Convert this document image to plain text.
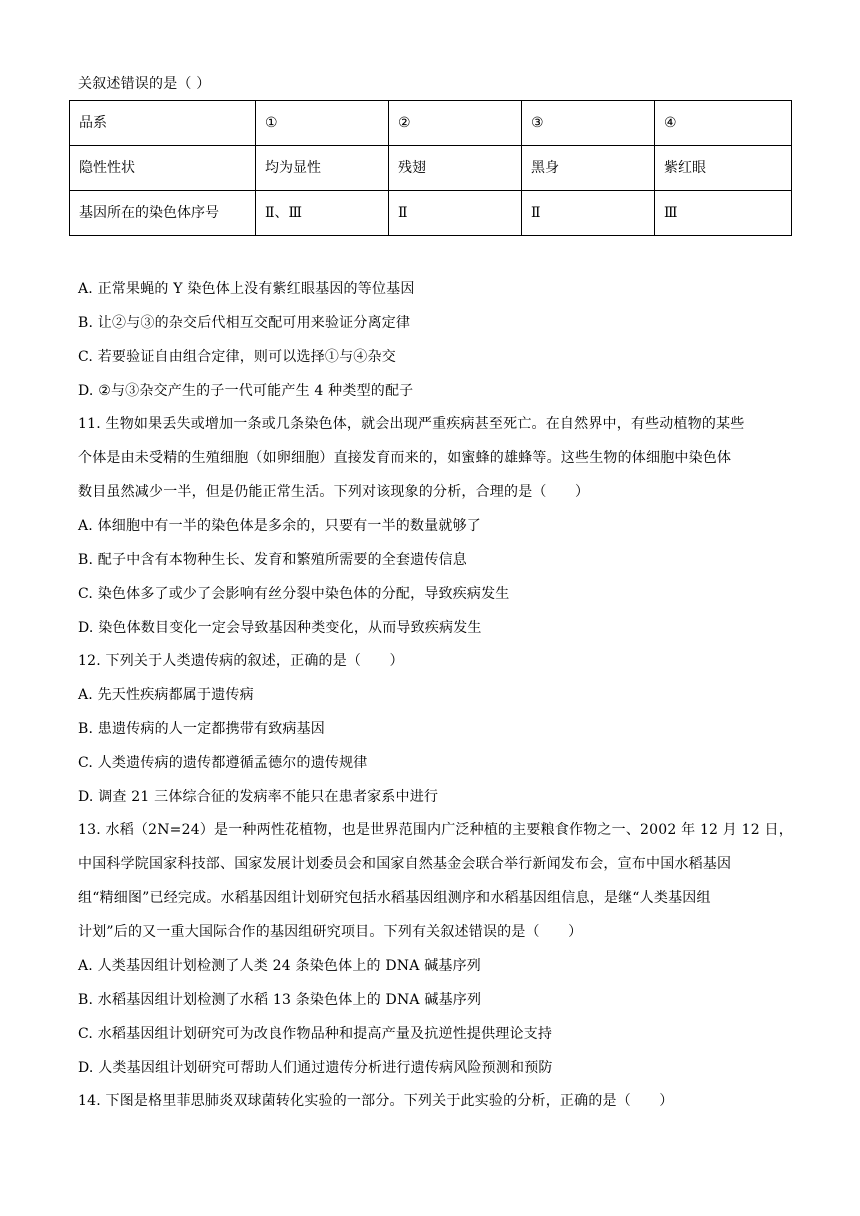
关叙述错误的是（ ）
品系	①	②	③	④
隐性性状	均为显性	残翅	黑身	紫红眼
基因所在的染色体序号	Ⅱ、Ⅲ	Ⅱ	Ⅱ	Ⅲ
A. 正常果蝇的 Y 染色体上没有紫红眼基因的等位基因
B. 让②与③的杂交后代相互交配可用来验证分离定律
C. 若要验证自由组合定律，则可以选择①与④杂交
D. ②与③杂交产生的子一代可能产生 4 种类型的配子
11. 生物如果丢失或增加一条或几条染色体，就会出现严重疾病甚至死亡。在自然界中，有些动植物的某些
个体是由未受精的生殖细胞（如卵细胞）直接发育而来的，如蜜蜂的雄蜂等。这些生物的体细胞中染色体
数目虽然减少一半，但是仍能正常生活。下列对该现象的分析，合理的是（　　）
A. 体细胞中有一半的染色体是多余的，只要有一半的数量就够了
B. 配子中含有本物种生长、发育和繁殖所需要的全套遗传信息
C. 染色体多了或少了会影响有丝分裂中染色体的分配，导致疾病发生
D. 染色体数目变化一定会导致基因种类变化，从而导致疾病发生
12. 下列关于人类遗传病的叙述，正确的是（　　）
A. 先天性疾病都属于遗传病
B. 患遗传病的人一定都携带有致病基因
C. 人类遗传病的遗传都遵循孟德尔的遗传规律
D. 调查 21 三体综合征的发病率不能只在患者家系中进行
13. 水稻（2N=24）是一种两性花植物，也是世界范围内广泛种植的主要粮食作物之一、2002 年 12 月 12 日，
中国科学院国家科技部、国家发展计划委员会和国家自然基金会联合举行新闻发布会，宣布中国水稻基因
组“精细图”已经完成。水稻基因组计划研究包括水稻基因组测序和水稻基因组信息，是继“人类基因组
计划”后的又一重大国际合作的基因组研究项目。下列有关叙述错误的是（　　）
A. 人类基因组计划检测了人类 24 条染色体上的 DNA 碱基序列
B. 水稻基因组计划检测了水稻 13 条染色体上的 DNA 碱基序列
C. 水稻基因组计划研究可为改良作物品种和提高产量及抗逆性提供理论支持
D. 人类基因组计划研究可帮助人们通过遗传分析进行遗传病风险预测和预防
14. 下图是格里菲思肺炎双球菌转化实验的一部分。下列关于此实验的分析，正确的是（　　）
